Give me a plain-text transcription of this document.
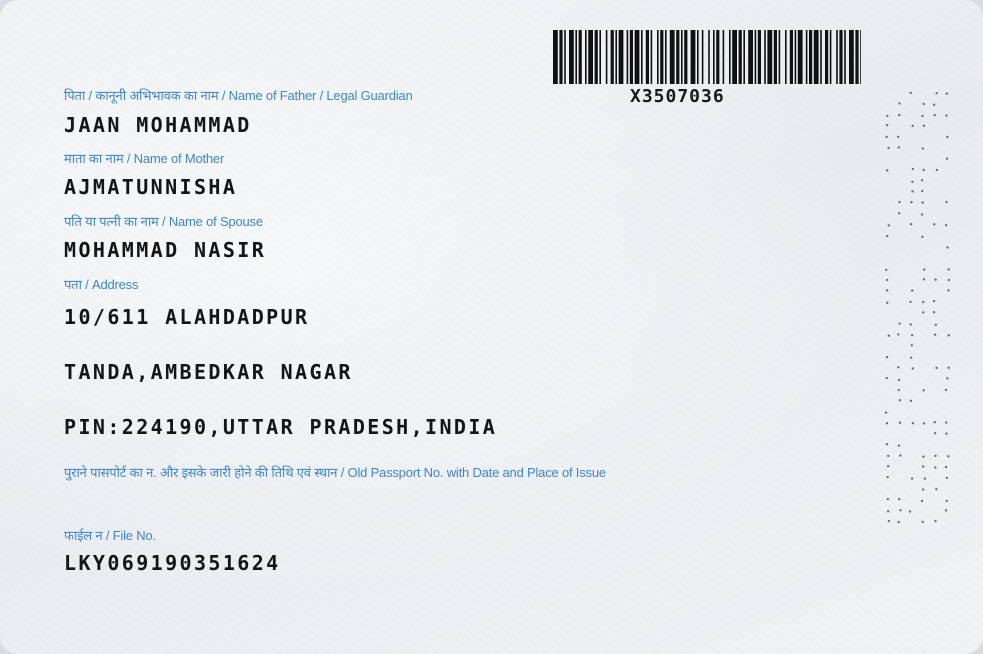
X3507036
पिता / कानूनी अभिभावक का नाम / Name of Father / Legal Guardian
JAAN MOHAMMAD
माता का नाम / Name of Mother
AJMATUNNISHA
पति या पत्नी का नाम / Name of Spouse
MOHAMMAD NASIR
पता / Address
10/611 ALAHDADPUR
TANDA,AMBEDKAR NAGAR
PIN:224190,UTTAR PRADESH,INDIA
पुराने पासपोर्ट का न. और इसके जारी होने की तिथि एवं स्थान / Old Passport No. with Date and Place of Issue
फाईल न / File No.
LKY069190351624
